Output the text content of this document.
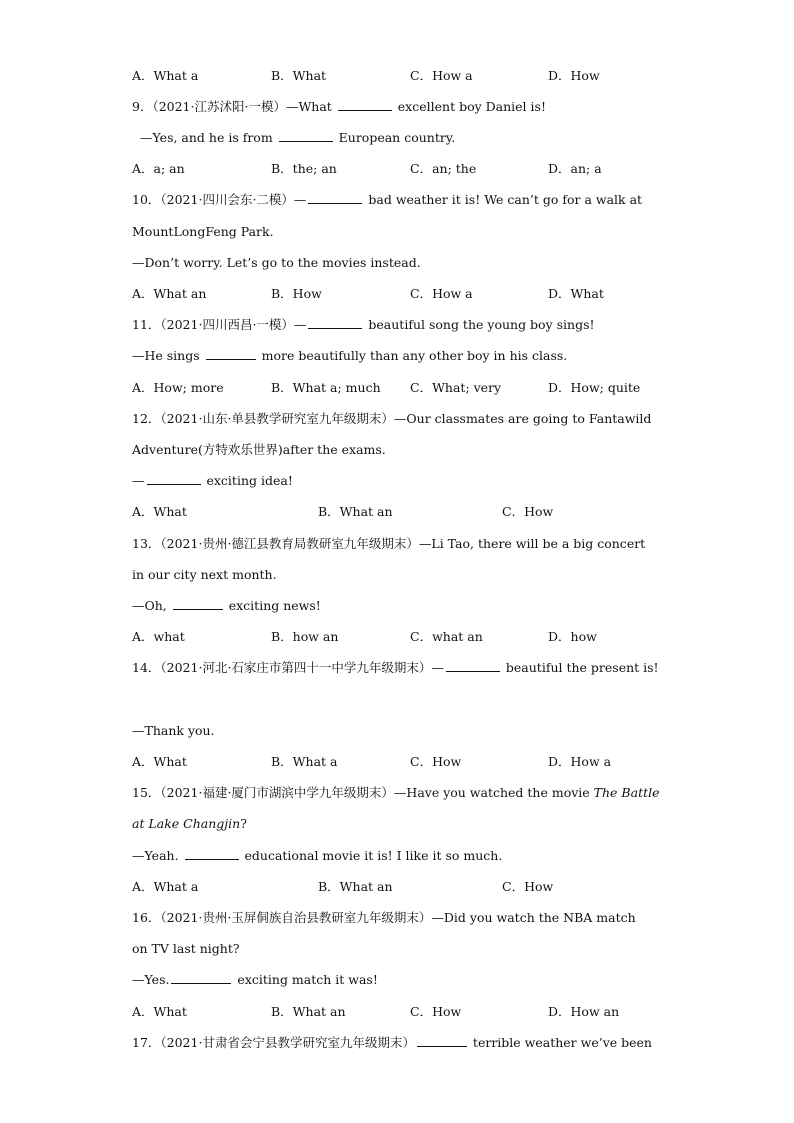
A．What a	B．What	C．How a	D．How
9．（2021·江苏沭阳·一模）—What	excellent boy Daniel is!
—Yes, and he is from	European country.
A．a; an	B．the; an	C．an; the	D．an; a
10．（2021·四川会东·二模）—	bad weather it is! We can’t go for a walk at
MountLongFeng Park.
—Don’t worry. Let’s go to the movies instead.
A．What an	B．How	C．How a	D．What
11．（2021·四川西昌·一模）—	beautiful song the young boy sings!
—He sings	more beautifully than any other boy in his class.
A．How; more	B．What a; much C．What; very	D．How; quite
12．（2021·山东·单县教学研究室九年级期末）—Our classmates are going to Fantawild
Adventure(方特欢乐世界)after the exams.
—	exciting idea!
A．What	B．What an	C．How
13．（2021·贵州·德江县教育局教研室九年级期末）—Li Tao, there will be a big concert
in our city next month.
—Oh,	exciting news!
A．what	B．how an	C．what an	D．how
14．（2021·河北·石家庄市第四十一中学九年级期末）—	beautiful the present is!
—Thank you.
A．What	B．What a	C．How	D．How a
15．（2021·福建·厦门市湖滨中学九年级期末）—Have you watched the movie The Battle
at Lake Changjin?
—Yeah.	educational movie it is! I like it so much.
A．What a	B．What an	C．How
16．（2021·贵州·玉屏侗族自治县教研室九年级期末）—Did you watch the NBA match
on TV last night?
—Yes.	exciting match it was!
A．What	B．What an	C．How	D．How an
17．（2021·甘肃省会宁县教学研究室九年级期末）	terrible weather we’ve been
